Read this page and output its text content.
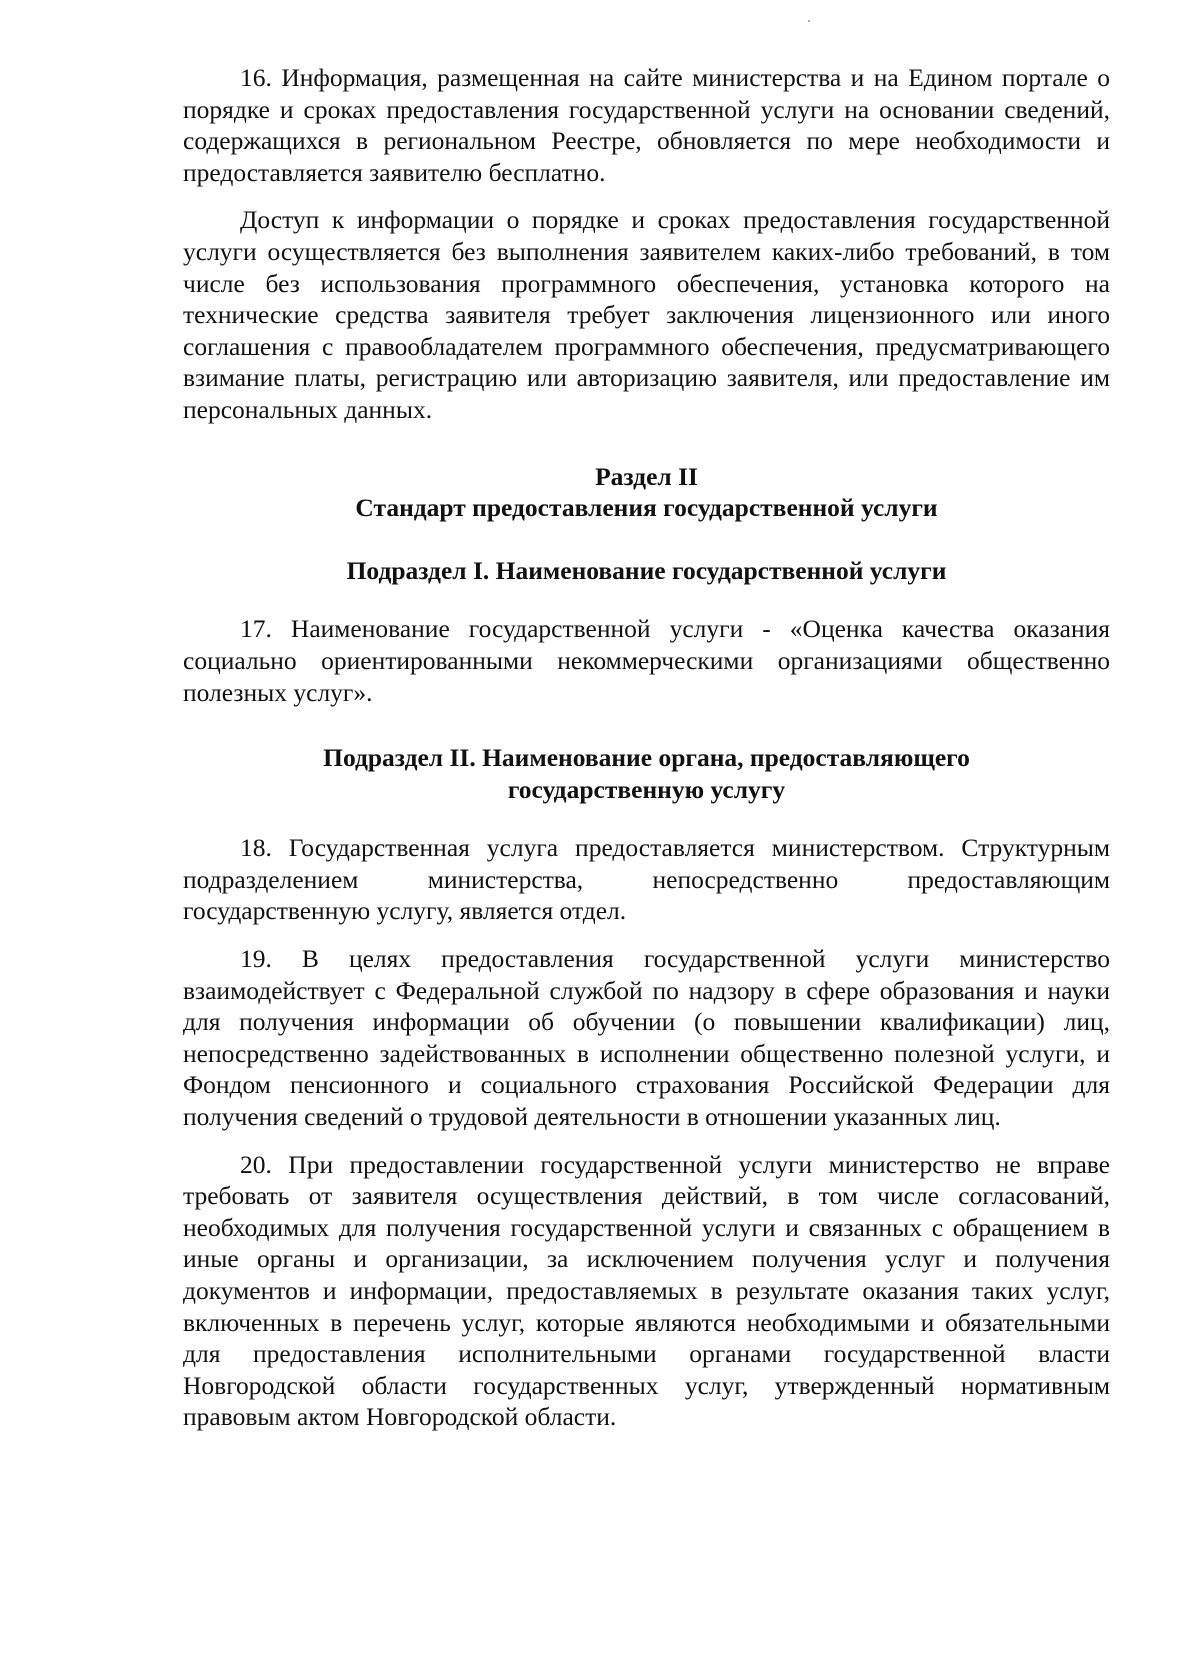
16. Информация, размещенная на сайте министерства и на Едином портале о порядке и сроках предоставления государственной услуги на основании сведений, содержащихся в региональном Реестре, обновляется по мере необходимости и предоставляется заявителю бесплатно.

Доступ к информации о порядке и сроках предоставления государственной услуги осуществляется без выполнения заявителем каких-либо требований, в том числе без использования программного обеспечения, установка которого на технические средства заявителя требует заключения лицензионного или иного соглашения с правообладателем программного обеспечения, предусматривающего взимание платы, регистрацию или авторизацию заявителя, или предоставление им персональных данных.

Раздел II

Стандарт предоставления государственной услуги

Подраздел I. Наименование государственной услуги

17. Наименование государственной услуги - «Оценка качества оказания социально ориентированными некоммерческими организациями общественно полезных услуг».

Подраздел II. Наименование органа, предоставляющего

государственную услугу

18. Государственная услуга предоставляется министерством. Структурным подразделением министерства, непосредственно предоставляющим государственную услугу, является отдел.

19. В целях предоставления государственной услуги министерство взаимодействует с Федеральной службой по надзору в сфере образования и науки для получения информации об обучении (о повышении квалификации) лиц, непосредственно задействованных в исполнении общественно полезной услуги, и Фондом пенсионного и социального страхования Российской Федерации для получения сведений о трудовой деятельности в отношении указанных лиц.

20. При предоставлении государственной услуги министерство не вправе требовать от заявителя осуществления действий, в том числе согласований, необходимых для получения государственной услуги и связанных с обращением в иные органы и организации, за исключением получения услуг и получения документов и информации, предоставляемых в результате оказания таких услуг, включенных в перечень услуг, которые являются необходимыми и обязательными для предоставления исполнительными органами государственной власти Новгородской области государственных услуг, утвержденный нормативным правовым актом Новгородской области.
